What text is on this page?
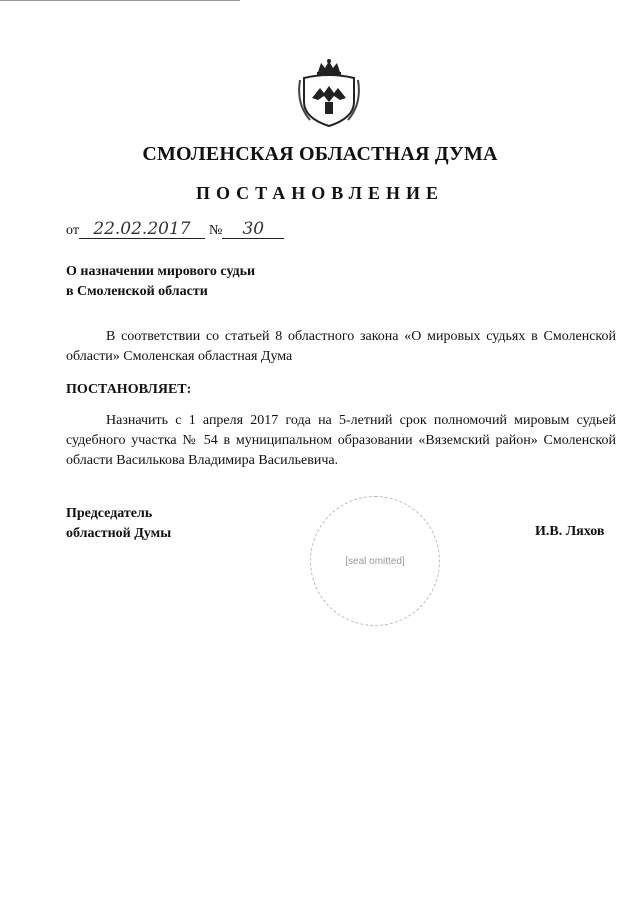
СМОЛЕНСКАЯ ОБЛАСТНАЯ ДУМА
ПОСТАНОВЛЕНИЕ
от 22.02.2017	№	30
О назначении мирового судьи
в Смоленской области
В соответствии со статьей 8 областного закона «О мировых судьях в Смоленской области» Смоленская областная Дума
ПОСТАНОВЛЯЕТ:
Назначить с 1 апреля 2017 года на 5-летний срок полномочий мировым судьей судебного участка № 54 в муниципальном образовании «Вяземский район» Смоленской области Василькова Владимира Васильевича.
Председатель
областной Думы
[seal omitted]
И.В. Ляхов
